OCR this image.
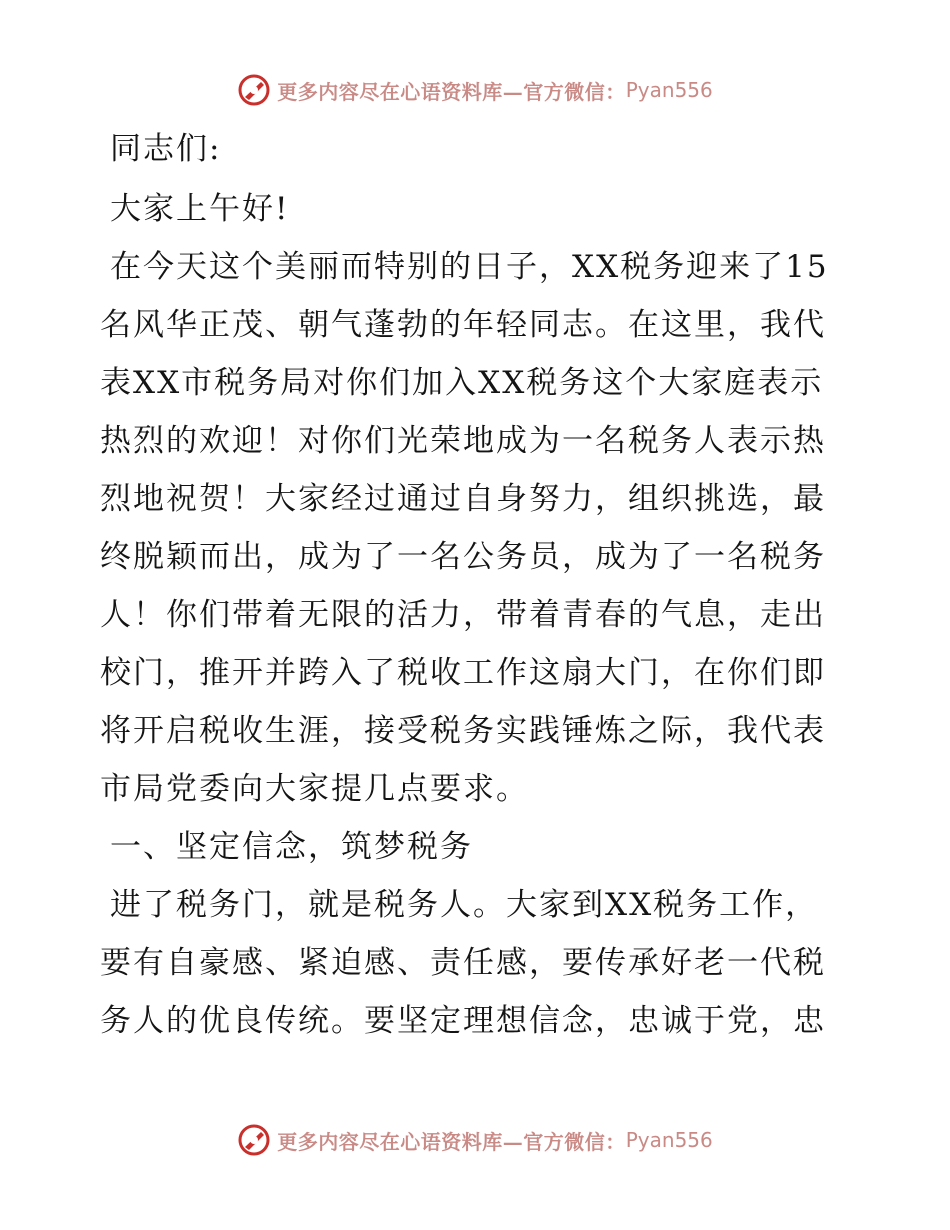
更多内容尽在心语资料库—官方微信： Pyan556
同志们:
大家上午好!
在今天这个美丽而特别的日子，XX税务迎来了15
名风华正茂、朝气蓬勃的年轻同志。在这里，我代
表XX市税务局对你们加入XX税务这个大家庭表示
热烈的欢迎！对你们光荣地成为一名税务人表示热
烈地祝贺！大家经过通过自身努力，组织挑选，最
终脱颖而出，成为了一名公务员，成为了一名税务
人！你们带着无限的活力，带着青春的气息，走出
校门，推开并跨入了税收工作这扇大门，在你们即
将开启税收生涯，接受税务实践锤炼之际，我代表
市局党委向大家提几点要求。
一、坚定信念，筑梦税务
进了税务门，就是税务人。大家到XX税务工作，
要有自豪感、紧迫感、责任感，要传承好老一代税
务人的优良传统。要坚定理想信念，忠诚于党，忠
更多内容尽在心语资料库—官方微信： Pyan556
